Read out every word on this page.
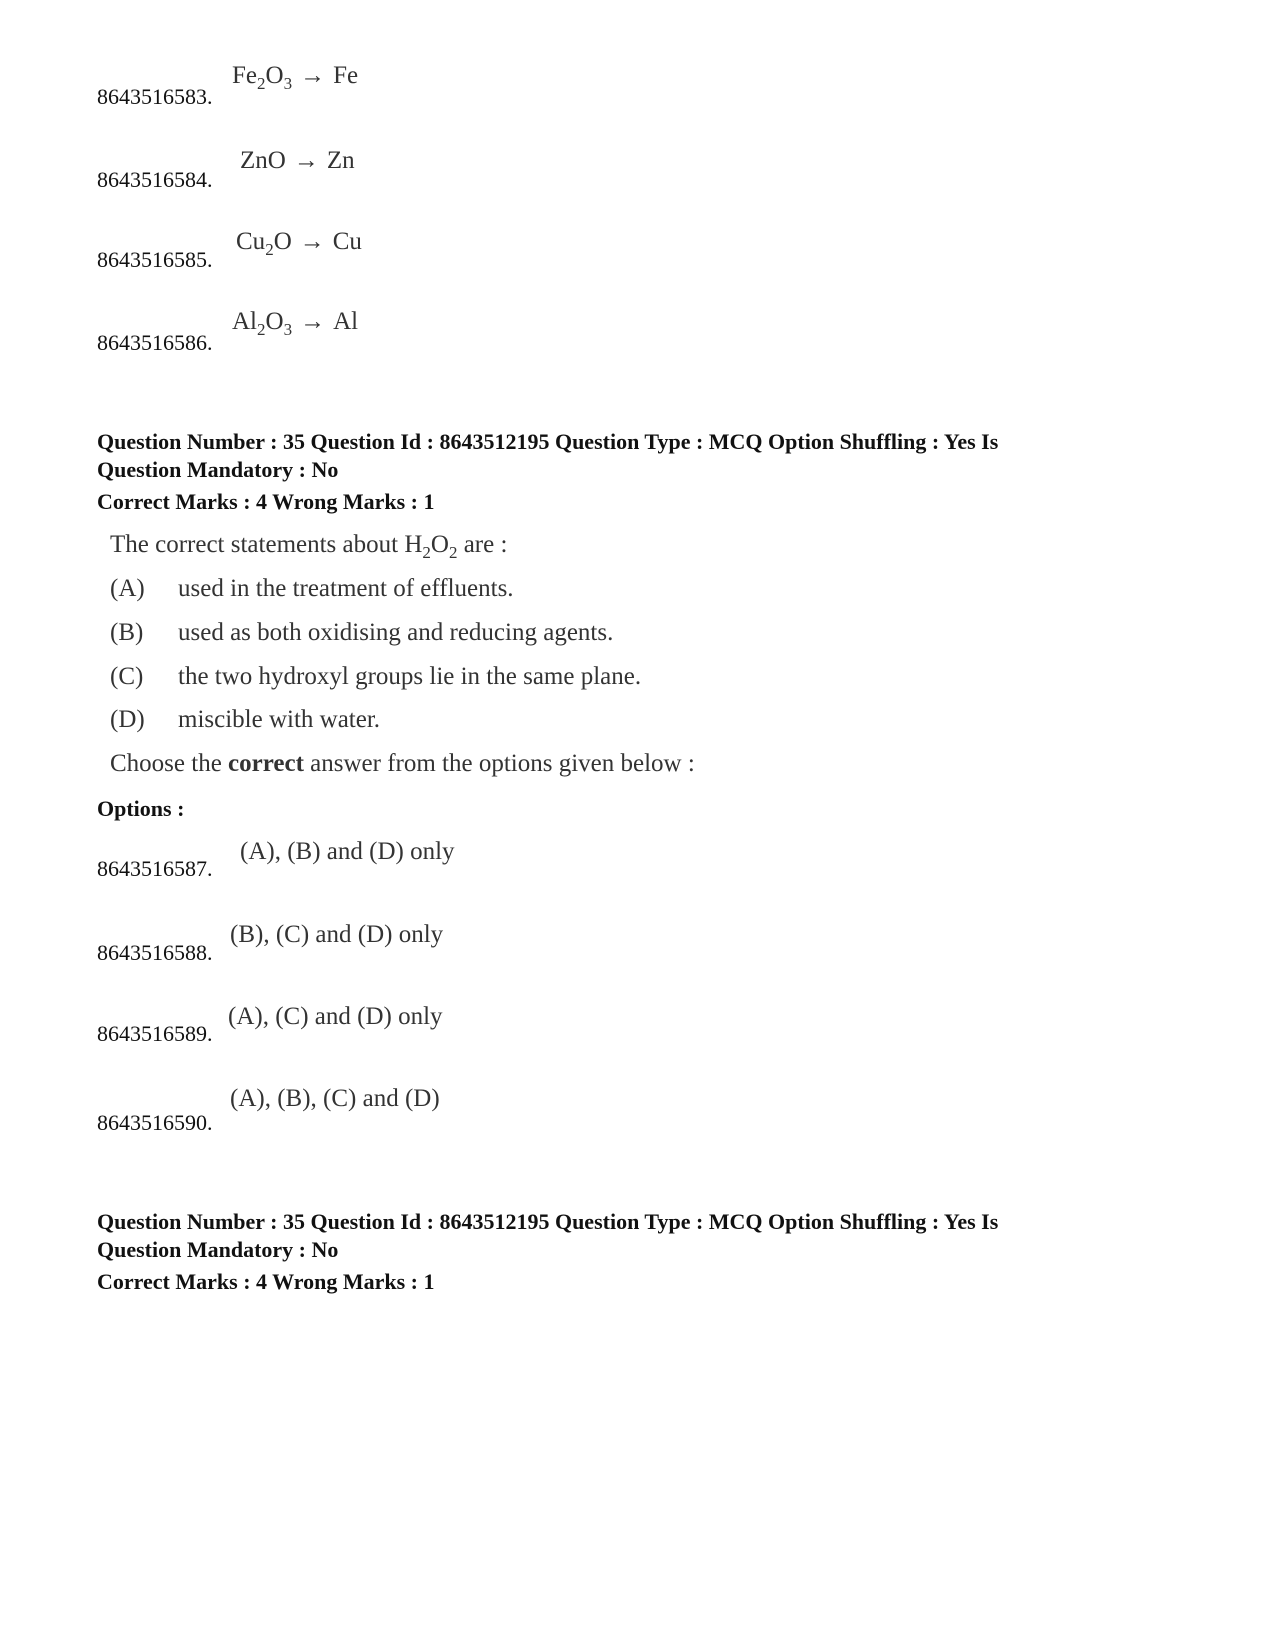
8643516583.
$Fe_2O_3 \to Fe$
8643516584.
ZnO → Zn
8643516585.
$Cu_2O \to Cu$
8643516586.
$Al_2O_3 \to Al$
Question Number : 35 Question Id : 8643512195 Question Type : MCQ Option Shuffling : Yes Is
Question Mandatory : No
Correct Marks : 4 Wrong Marks : 1
The correct statements about $H_2O_2$ are :
(A) used in the treatment of effluents.
(B) used as both oxidising and reducing agents.
(C) the two hydroxyl groups lie in the same plane.
(D) miscible with water.
Choose the correct answer from the options given below :
Options :
8643516587.
(A), (B) and (D) only
8643516588.
(B), (C) and (D) only
8643516589.
(A), (C) and (D) only
8643516590.
(A), (B), (C) and (D)
Question Number : 35 Question Id : 8643512195 Question Type : MCQ Option Shuffling : Yes Is
Question Mandatory : No
Correct Marks : 4 Wrong Marks : 1
